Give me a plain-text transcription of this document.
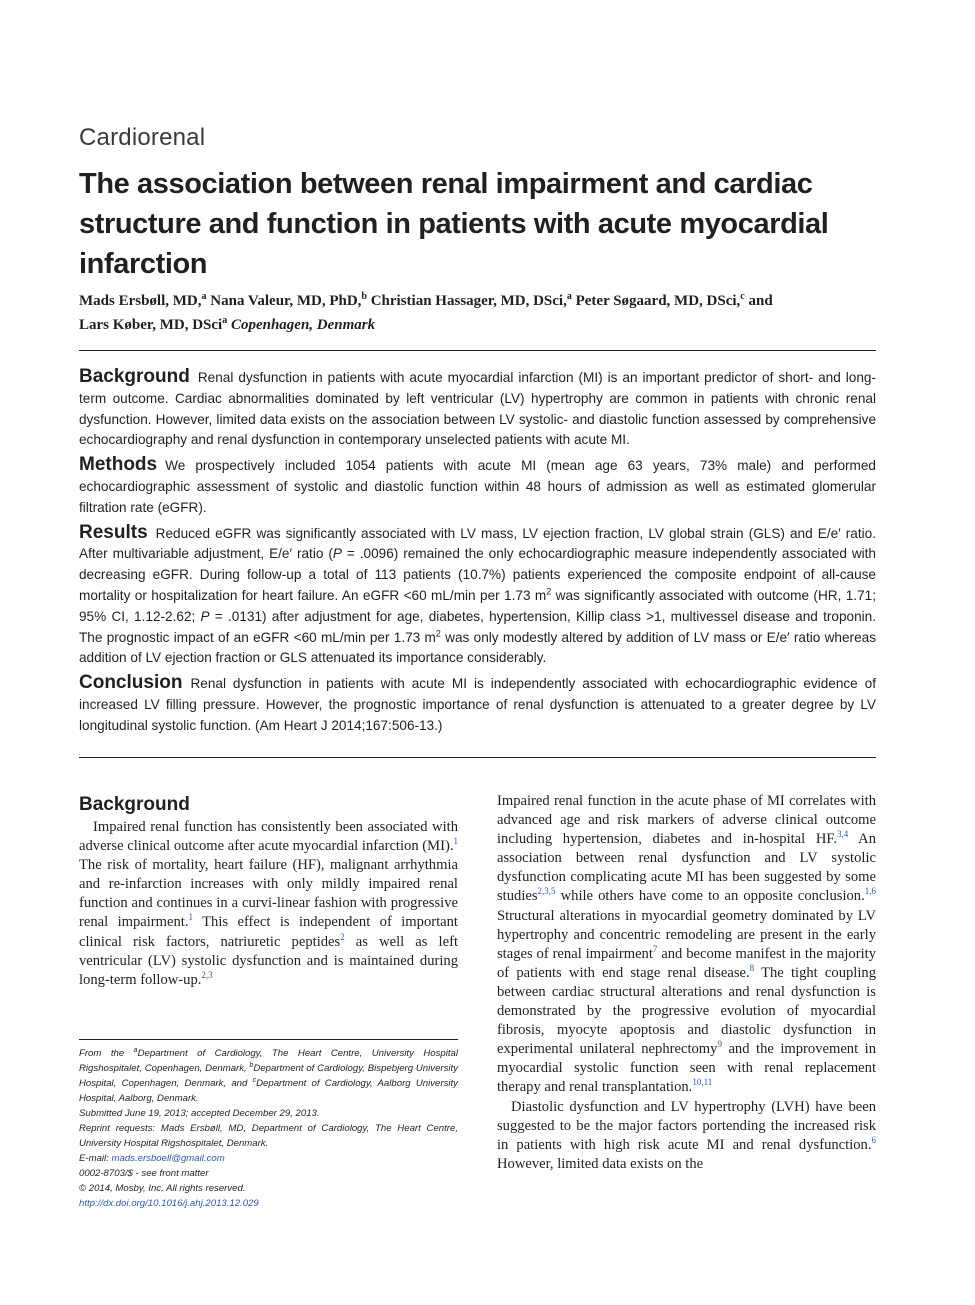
Cardiorenal
The association between renal impairment and cardiac structure and function in patients with acute myocardial infarction
Mads Ersbøll, MD,$^a$ Nana Valeur, MD, PhD,$^b$ Christian Hassager, MD, DSci,$^a$ Peter Søgaard, MD, DSci,$^c$ and
Lars Køber, MD, DSci$^a$ Copenhagen, Denmark

Background Renal dysfunction in patients with acute myocardial infarction (MI) is an important predictor of short- and long-term outcome. Cardiac abnormalities dominated by left ventricular (LV) hypertrophy are common in patients with chronic renal dysfunction. However, limited data exists on the association between LV systolic- and diastolic function assessed by comprehensive echocardiography and renal dysfunction in contemporary unselected patients with acute MI.

Methods We prospectively included 1054 patients with acute MI (mean age 63 years, 73% male) and performed echocardiographic assessment of systolic and diastolic function within 48 hours of admission as well as estimated glomerular filtration rate (eGFR).

Results Reduced eGFR was significantly associated with LV mass, LV ejection fraction, LV global strain (GLS) and E/e′ ratio. After multivariable adjustment, E/e′ ratio (P = .0096) remained the only echocardiographic measure independently associated with decreasing eGFR. During follow-up a total of 113 patients (10.7%) patients experienced the composite endpoint of all-cause mortality or hospitalization for heart failure. An eGFR <60 mL/min per 1.73 $m^2$ was significantly associated with outcome (HR, 1.71; 95% CI, 1.12-2.62; P = .0131) after adjustment for age, diabetes, hypertension, Killip class >1, multivessel disease and troponin. The prognostic impact of an eGFR <60 mL/min per 1.73 $m^2$ was only modestly altered by addition of LV mass or E/e′ ratio whereas addition of LV ejection fraction or GLS attenuated its importance considerably.

Conclusion Renal dysfunction in patients with acute MI is independently associated with echocardiographic evidence of increased LV filling pressure. However, the prognostic importance of renal dysfunction is attenuated to a greater degree by LV longitudinal systolic function. (Am Heart J 2014;167:506-13.)

Background

Impaired renal function has consistently been associated with adverse clinical outcome after acute myocardial infarction (MI).$^1$ The risk of mortality, heart failure (HF), malignant arrhythmia and re-infarction increases with only mildly impaired renal function and continues in a curvi-linear fashion with progressive renal impairment.$^1$ This effect is independent of important clinical risk factors, natriuretic peptides$^2$ as well as left ventricular (LV) systolic dysfunction and is maintained during long-term follow-up.$^{2,3}$

From the $^a$Department of Cardiology, The Heart Centre, University Hospital Rigshospitalet, Copenhagen, Denmark, $^b$Department of Cardiology, Bispebjerg University Hospital, Copenhagen, Denmark, and $^c$Department of Cardiology, Aalborg University Hospital, Aalborg, Denmark.

Submitted June 19, 2013; accepted December 29, 2013.

Reprint requests: Mads Ersbøll, MD, Department of Cardiology, The Heart Centre, University Hospital Rigshospitalet, Denmark.

E-mail: mads.ersboell@gmail.com

0002-8703/$ - see front matter

© 2014, Mosby, Inc. All rights reserved.

http://dx.doi.org/10.1016/j.ahj.2013.12.029

Impaired renal function in the acute phase of MI correlates with advanced age and risk markers of adverse clinical outcome including hypertension, diabetes and in-hospital HF.$^{3,4}$ An association between renal dysfunction and LV systolic dysfunction complicating acute MI has been suggested by some studies$^{2,3,5}$ while others have come to an opposite conclusion.$^{1,6}$ Structural alterations in myocardial geometry dominated by LV hypertrophy and concentric remodeling are present in the early stages of renal impairment$^7$ and become manifest in the majority of patients with end stage renal disease.$^8$ The tight coupling between cardiac structural alterations and renal dysfunction is demonstrated by the progressive evolution of myocardial fibrosis, myocyte apoptosis and diastolic dysfunction in experimental unilateral nephrectomy$^9$ and the improvement in myocardial systolic function seen with renal replacement therapy and renal transplantation.$^{10,11}$

Diastolic dysfunction and LV hypertrophy (LVH) have been suggested to be the major factors portending the increased risk in patients with high risk acute MI and renal dysfunction.$^6$ However, limited data exists on the
